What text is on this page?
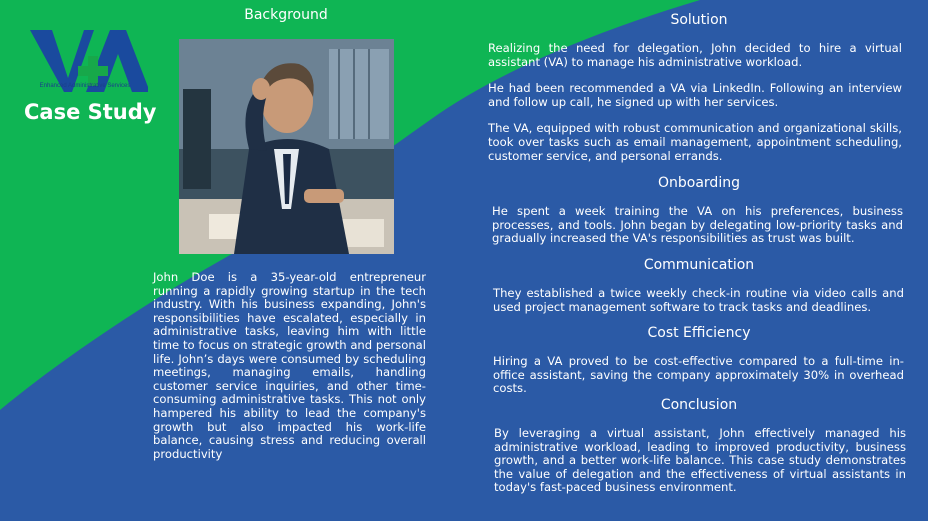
Enhanced Administrative Services
Case Study
Background

John Doe is a 35-year-old entrepreneur running a rapidly growing startup in the tech industry. With his business expanding, John's responsibilities have escalated, especially in administrative tasks, leaving him with little time to focus on strategic growth and personal life. John’s days were consumed by scheduling meetings, managing emails, handling customer service inquiries, and other time-consuming administrative tasks. This not only hampered his ability to lead the company's growth but also impacted his work-life balance, causing stress and reducing overall productivity

Solution

Realizing the need for delegation, John decided to hire a virtual assistant (VA) to manage his administrative workload.

He had been recommended a VA via LinkedIn. Following an interview and follow up call, he signed up with her services.

The VA, equipped with robust communication and organizational skills, took over tasks such as email management, appointment scheduling, customer service, and personal errands.

Onboarding

He spent a week training the VA on his preferences, business processes, and tools. John began by delegating low-priority tasks and gradually increased the VA's responsibilities as trust was built.

Communication

They established a twice weekly check-in routine via video calls and used project management software to track tasks and deadlines.

Cost Efficiency

Hiring a VA proved to be cost-effective compared to a full-time in-office assistant, saving the company approximately 30% in overhead costs.

Conclusion

By leveraging a virtual assistant, John effectively managed his administrative workload, leading to improved productivity, business growth, and a better work-life balance. This case study demonstrates the value of delegation and the effectiveness of virtual assistants in today's fast-paced business environment.
